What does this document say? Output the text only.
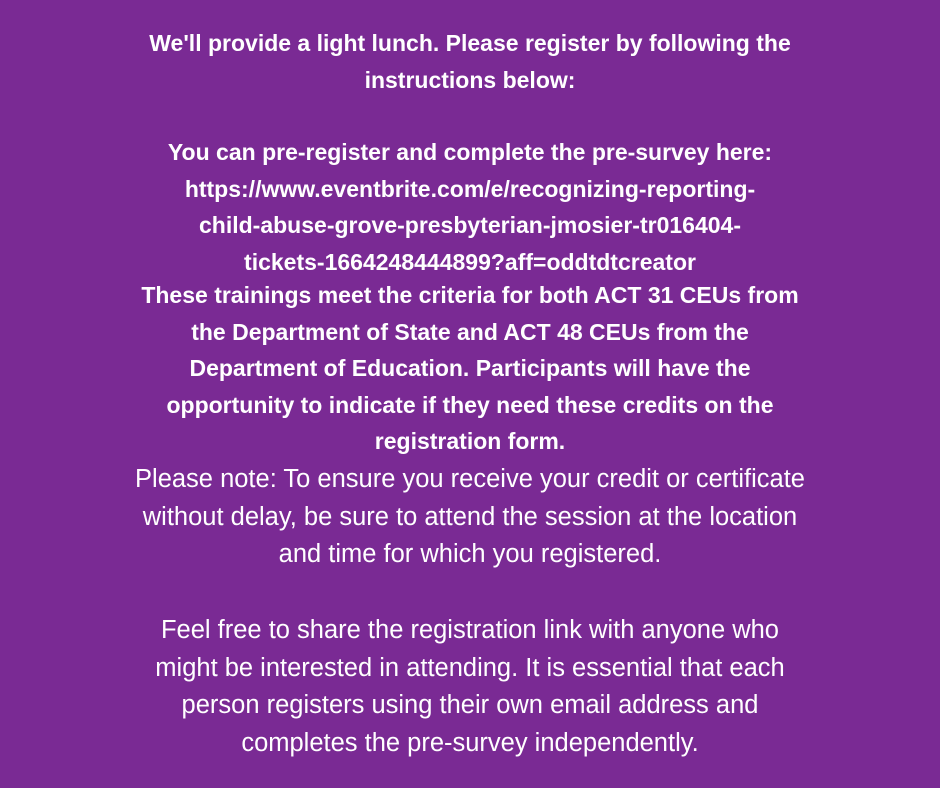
We'll provide a light lunch. Please register by following the
instructions below:
You can pre-register and complete the pre-survey here:
https://www.eventbrite.com/e/recognizing-reporting-
child-abuse-grove-presbyterian-jmosier-tr016404-
tickets-1664248444899?aff=oddtdtcreator
These trainings meet the criteria for both ACT 31 CEUs from
the Department of State and ACT 48 CEUs from the
Department of Education. Participants will have the
opportunity to indicate if they need these credits on the
registration form.
Please note: To ensure you receive your credit or certificate
without delay, be sure to attend the session at the location
and time for which you registered.
Feel free to share the registration link with anyone who
might be interested in attending. It is essential that each
person registers using their own email address and
completes the pre-survey independently.
